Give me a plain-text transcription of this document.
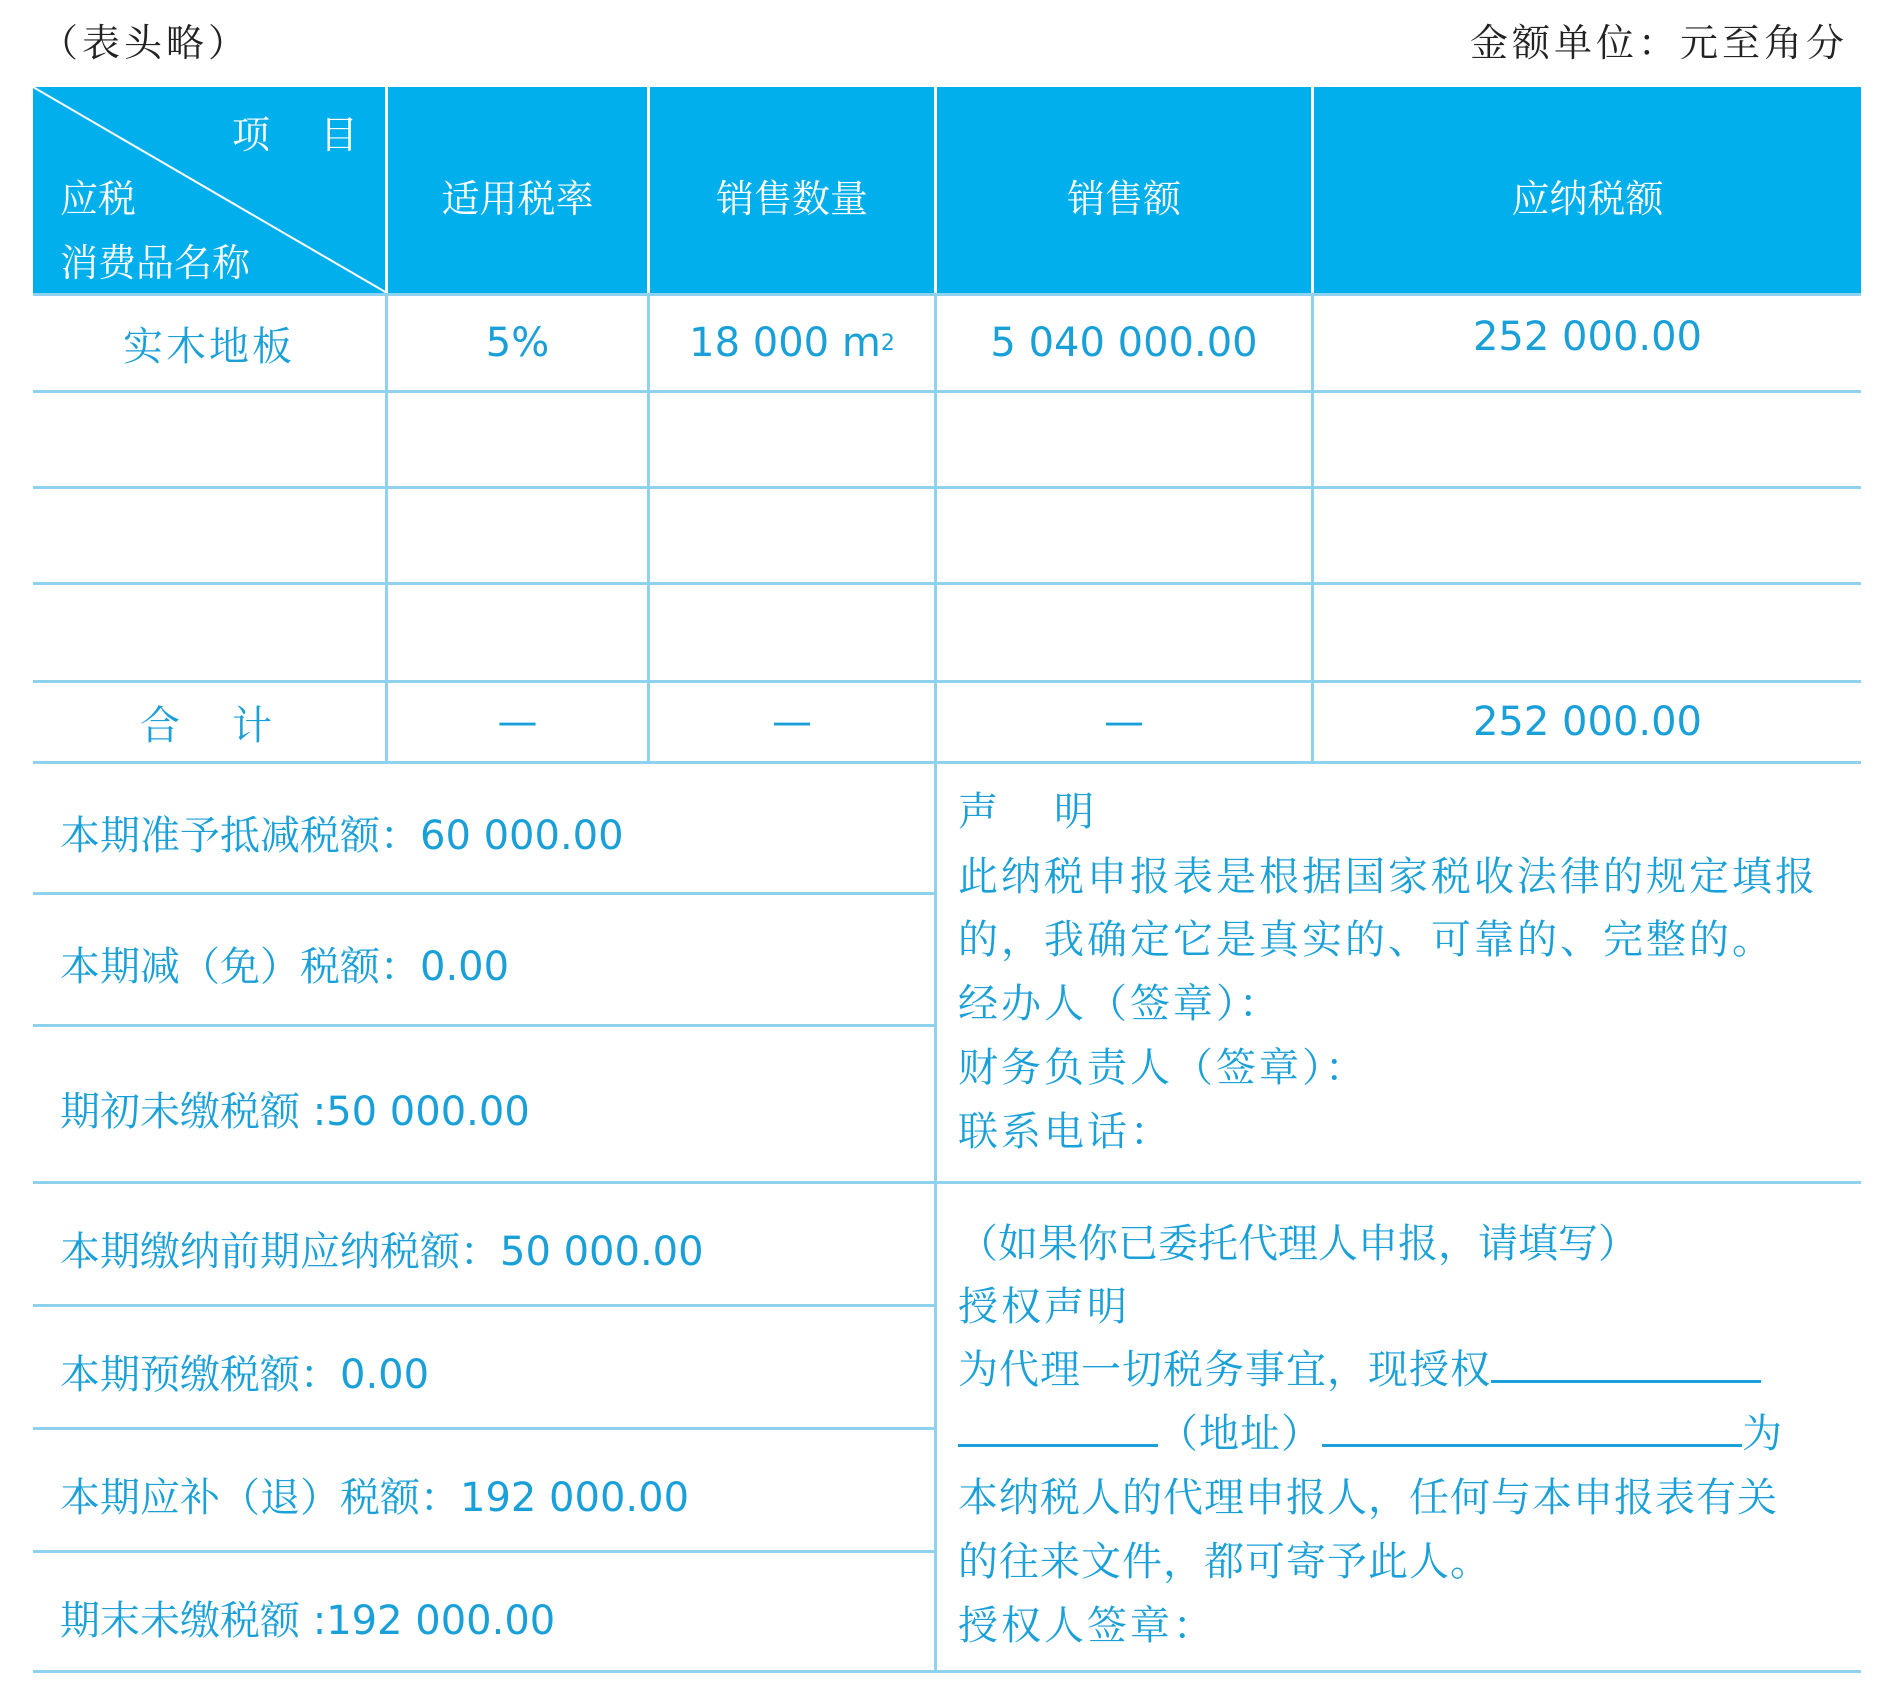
（表头略）	金额单位：元至角分
项　目
应税
消费品名称
适用税率	销售数量	销售额	应纳税额
实木地板	5%	18 000 m 2	5 040 000.00	252 000.00
合　计	—	—	—	252 000.00
本期准予抵减税额：60 000.00
本期减（免）税额：0.00
期初未缴税额 :50 000.00
本期缴纳前期应纳税额：50 000.00
本期预缴税额：0.00
本期应补（退）税额：192 000.00
期末未缴税额 :192 000.00
声　明
此纳税申报表是根据国家税收法律的规定填报
的，我确定它是真实的、可靠的、完整的。
经办人（签章）：
财务负责人（签章）：
联系电话：
（如果你已委托代理人申报，请填写）
授权声明
为代理一切税务事宜，现授权
（地址）	为
本纳税人的代理申报人，任何与本申报表有关
的往来文件，都可寄予此人。
授权人签章：
